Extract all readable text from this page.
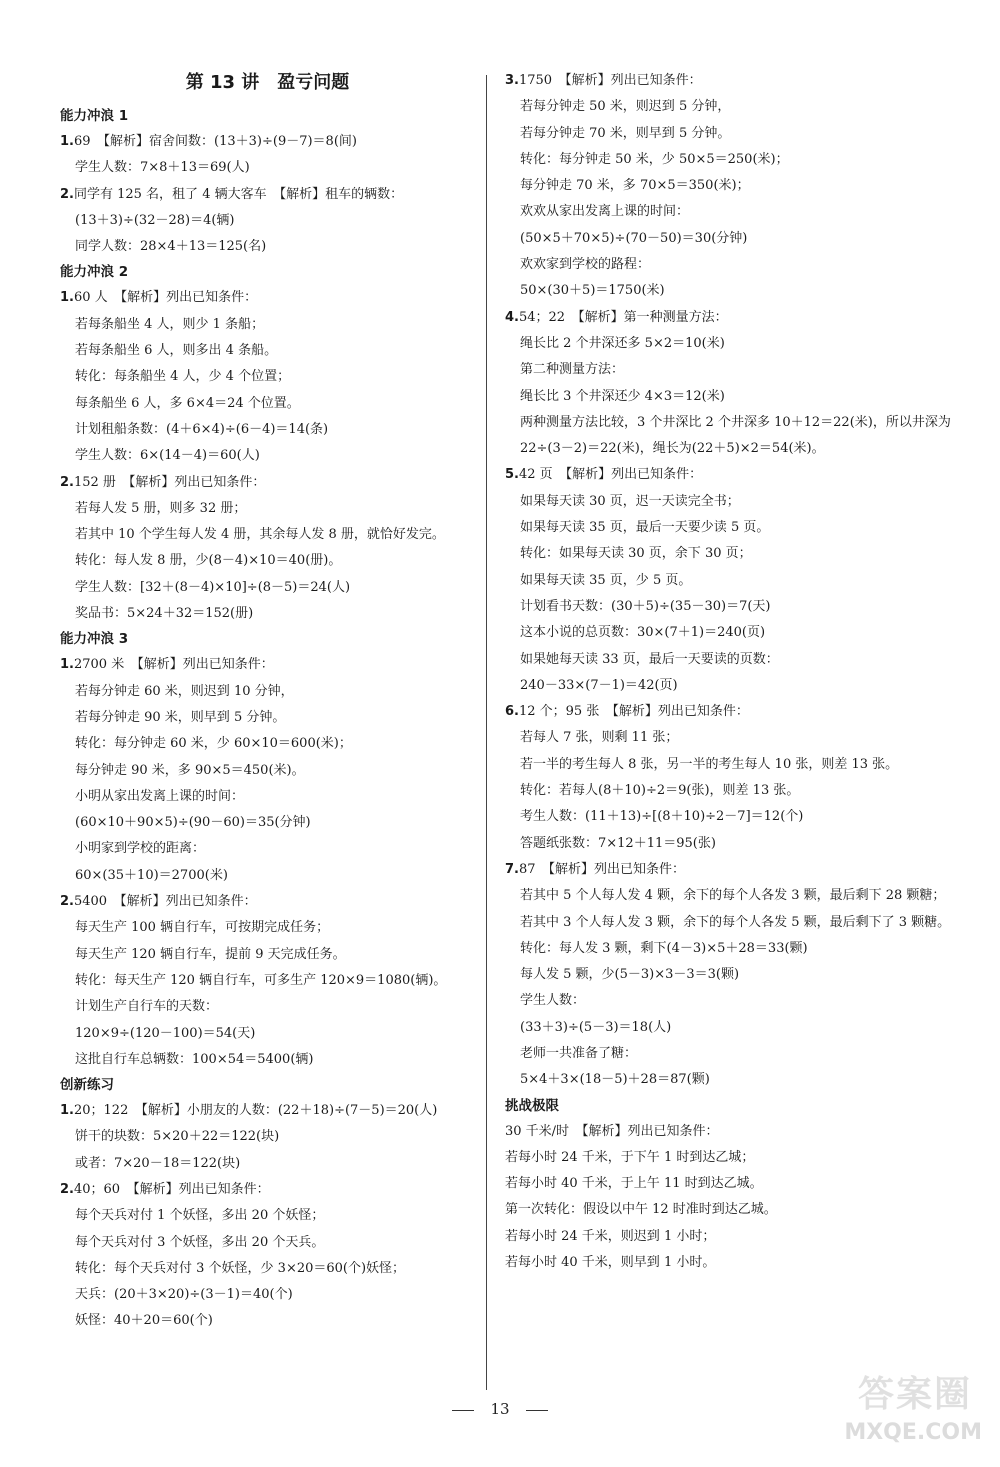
第 13 讲　盈亏问题
能力冲浪 1
1.69　【解析】宿舍间数：(13＋3)÷(9－7)＝8(间)
学生人数：7×8＋13＝69(人)
2.同学有 125 名，租了 4 辆大客车　【解析】租车的辆数：
(13＋3)÷(32－28)＝4(辆)
同学人数：28×4＋13＝125(名)
能力冲浪 2
1.60 人　【解析】列出已知条件：
若每条船坐 4 人，则少 1 条船；
若每条船坐 6 人，则多出 4 条船。
转化：每条船坐 4 人，少 4 个位置；
每条船坐 6 人，多 6×4＝24 个位置。
计划租船条数：(4＋6×4)÷(6－4)＝14(条)
学生人数：6×(14－4)＝60(人)
2.152 册　【解析】列出已知条件：
若每人发 5 册，则多 32 册；
若其中 10 个学生每人发 4 册，其余每人发 8 册，就恰好发完。
转化：每人发 8 册，少(8－4)×10＝40(册)。
学生人数：[32＋(8－4)×10]÷(8－5)＝24(人)
奖品书：5×24＋32＝152(册)
能力冲浪 3
1.2700 米　【解析】列出已知条件：
若每分钟走 60 米，则迟到 10 分钟，
若每分钟走 90 米，则早到 5 分钟。
转化：每分钟走 60 米，少 60×10＝600(米)；
每分钟走 90 米，多 90×5＝450(米)。
小明从家出发离上课的时间：
(60×10＋90×5)÷(90－60)＝35(分钟)
小明家到学校的距离：
60×(35＋10)＝2700(米)
2.5400　【解析】列出已知条件：
每天生产 100 辆自行车，可按期完成任务；
每天生产 120 辆自行车，提前 9 天完成任务。
转化：每天生产 120 辆自行车，可多生产 120×9＝1080(辆)。
计划生产自行车的天数：
120×9÷(120－100)＝54(天)
这批自行车总辆数：100×54＝5400(辆)
创新练习
1.20；122　【解析】小朋友的人数：(22＋18)÷(7－5)＝20(人)
饼干的块数：5×20＋22＝122(块)
或者：7×20－18＝122(块)
2.40；60　【解析】列出已知条件：
每个天兵对付 1 个妖怪，多出 20 个妖怪；
每个天兵对付 3 个妖怪，多出 20 个天兵。
转化：每个天兵对付 3 个妖怪，少 3×20＝60(个)妖怪；
天兵：(20＋3×20)÷(3－1)＝40(个)
妖怪：40＋20＝60(个)
3.1750　【解析】列出已知条件：
若每分钟走 50 米，则迟到 5 分钟，
若每分钟走 70 米，则早到 5 分钟。
转化：每分钟走 50 米，少 50×5＝250(米)；
每分钟走 70 米，多 70×5＝350(米)；
欢欢从家出发离上课的时间：
(50×5＋70×5)÷(70－50)＝30(分钟)
欢欢家到学校的路程：
50×(30＋5)＝1750(米)
4.54；22　【解析】第一种测量方法：
绳长比 2 个井深还多 5×2＝10(米)
第二种测量方法：
绳长比 3 个井深还少 4×3＝12(米)
两种测量方法比较，3 个井深比 2 个井深多 10＋12＝22(米)，所以井深为 22÷(3－2)＝22(米)，绳长为(22＋5)×2＝54(米)。
5.42 页　【解析】列出已知条件：
如果每天读 30 页，迟一天读完全书；
如果每天读 35 页，最后一天要少读 5 页。
转化：如果每天读 30 页，余下 30 页；
如果每天读 35 页，少 5 页。
计划看书天数：(30＋5)÷(35－30)＝7(天)
这本小说的总页数：30×(7＋1)＝240(页)
如果她每天读 33 页，最后一天要读的页数：
240－33×(7－1)＝42(页)
6.12 个；95 张　【解析】列出已知条件：
若每人 7 张，则剩 11 张；
若一半的考生每人 8 张，另一半的考生每人 10 张，则差 13 张。
转化：若每人(8＋10)÷2＝9(张)，则差 13 张。
考生人数：(11＋13)÷[(8＋10)÷2－7]＝12(个)
答题纸张数：7×12＋11＝95(张)
7.87　【解析】列出已知条件：
若其中 5 个人每人发 4 颗，余下的每个人各发 3 颗，最后剩下 28 颗糖；
若其中 3 个人每人发 3 颗，余下的每个人各发 5 颗，最后剩下了 3 颗糖。
转化：每人发 3 颗，剩下(4－3)×5＋28＝33(颗)
每人发 5 颗，少(5－3)×3－3＝3(颗)
学生人数：
(33＋3)÷(5－3)＝18(人)
老师一共准备了糖：
5×4＋3×(18－5)＋28＝87(颗)
挑战极限
30 千米/时　【解析】列出已知条件：
若每小时 24 千米，于下午 1 时到达乙城；
若每小时 40 千米，于上午 11 时到达乙城。
第一次转化：假设以中午 12 时准时到达乙城。
若每小时 24 千米，则迟到 1 小时；
若每小时 40 千米，则早到 1 小时。
13	答案圈
MXQE.COM
